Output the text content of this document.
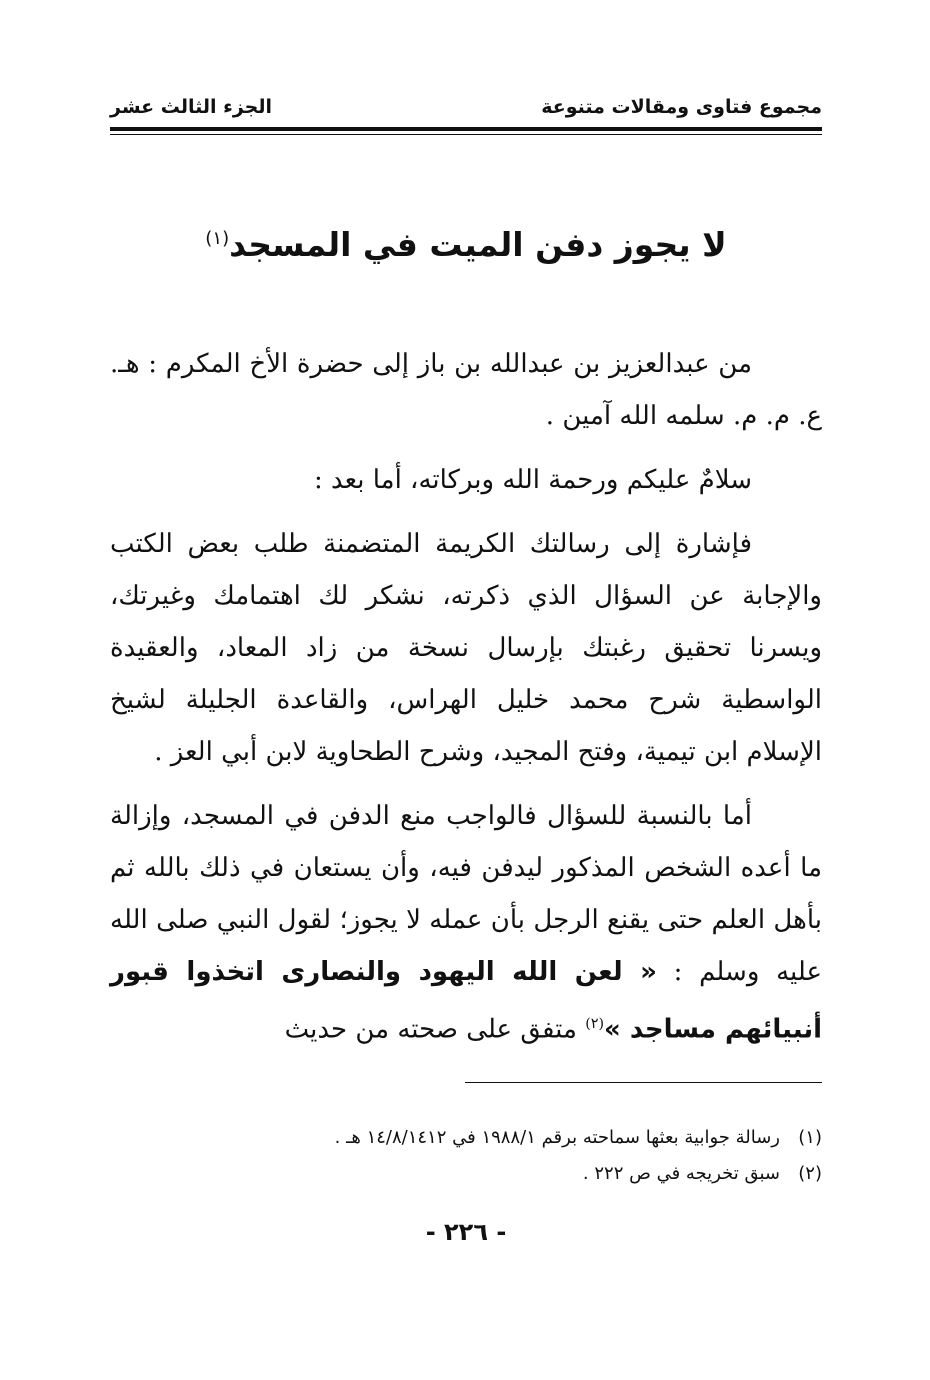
مجموع فتاوى ومقالات متنوعة
الجزء الثالث عشر
لا يجوز دفن الميت في المسجد$^{(١)}$

من عبدالعزيز بن عبدالله بن باز إلى حضرة الأخ المكرم : هـ. ع. م. م. سلمه الله آمين .

سلامٌ عليكم ورحمة الله وبركاته، أما بعد :

فإشارة إلى رسالتك الكريمة المتضمنة طلب بعض الكتب والإجابة عن السؤال الذي ذكرته، نشكر لك اهتمامك وغيرتك، ويسرنا تحقيق رغبتك بإرسال نسخة من زاد المعاد، والعقيدة الواسطية شرح محمد خليل الهراس، والقاعدة الجليلة لشيخ الإسلام ابن تيمية، وفتح المجيد، وشرح الطحاوية لابن أبي العز .

أما بالنسبة للسؤال فالواجب منع الدفن في المسجد، وإزالة ما أعده الشخص المذكور ليدفن فيه، وأن يستعان في ذلك بالله ثم بأهل العلم حتى يقنع الرجل بأن عمله لا يجوز؛ لقول النبي صلى الله عليه وسلم : « لعن الله اليهود والنصارى اتخذوا قبور أنبيائهم مساجد »$^{(٢)}$ متفق على صحته من حديث

(١)رسالة جوابية بعثها سماحته برقم ١٩٨٨/١ في ١٤/٨/١٤١٢ هـ .
(٢)سبق تخريجه في ص ٢٢٢ .
- ٢٢٦ -
